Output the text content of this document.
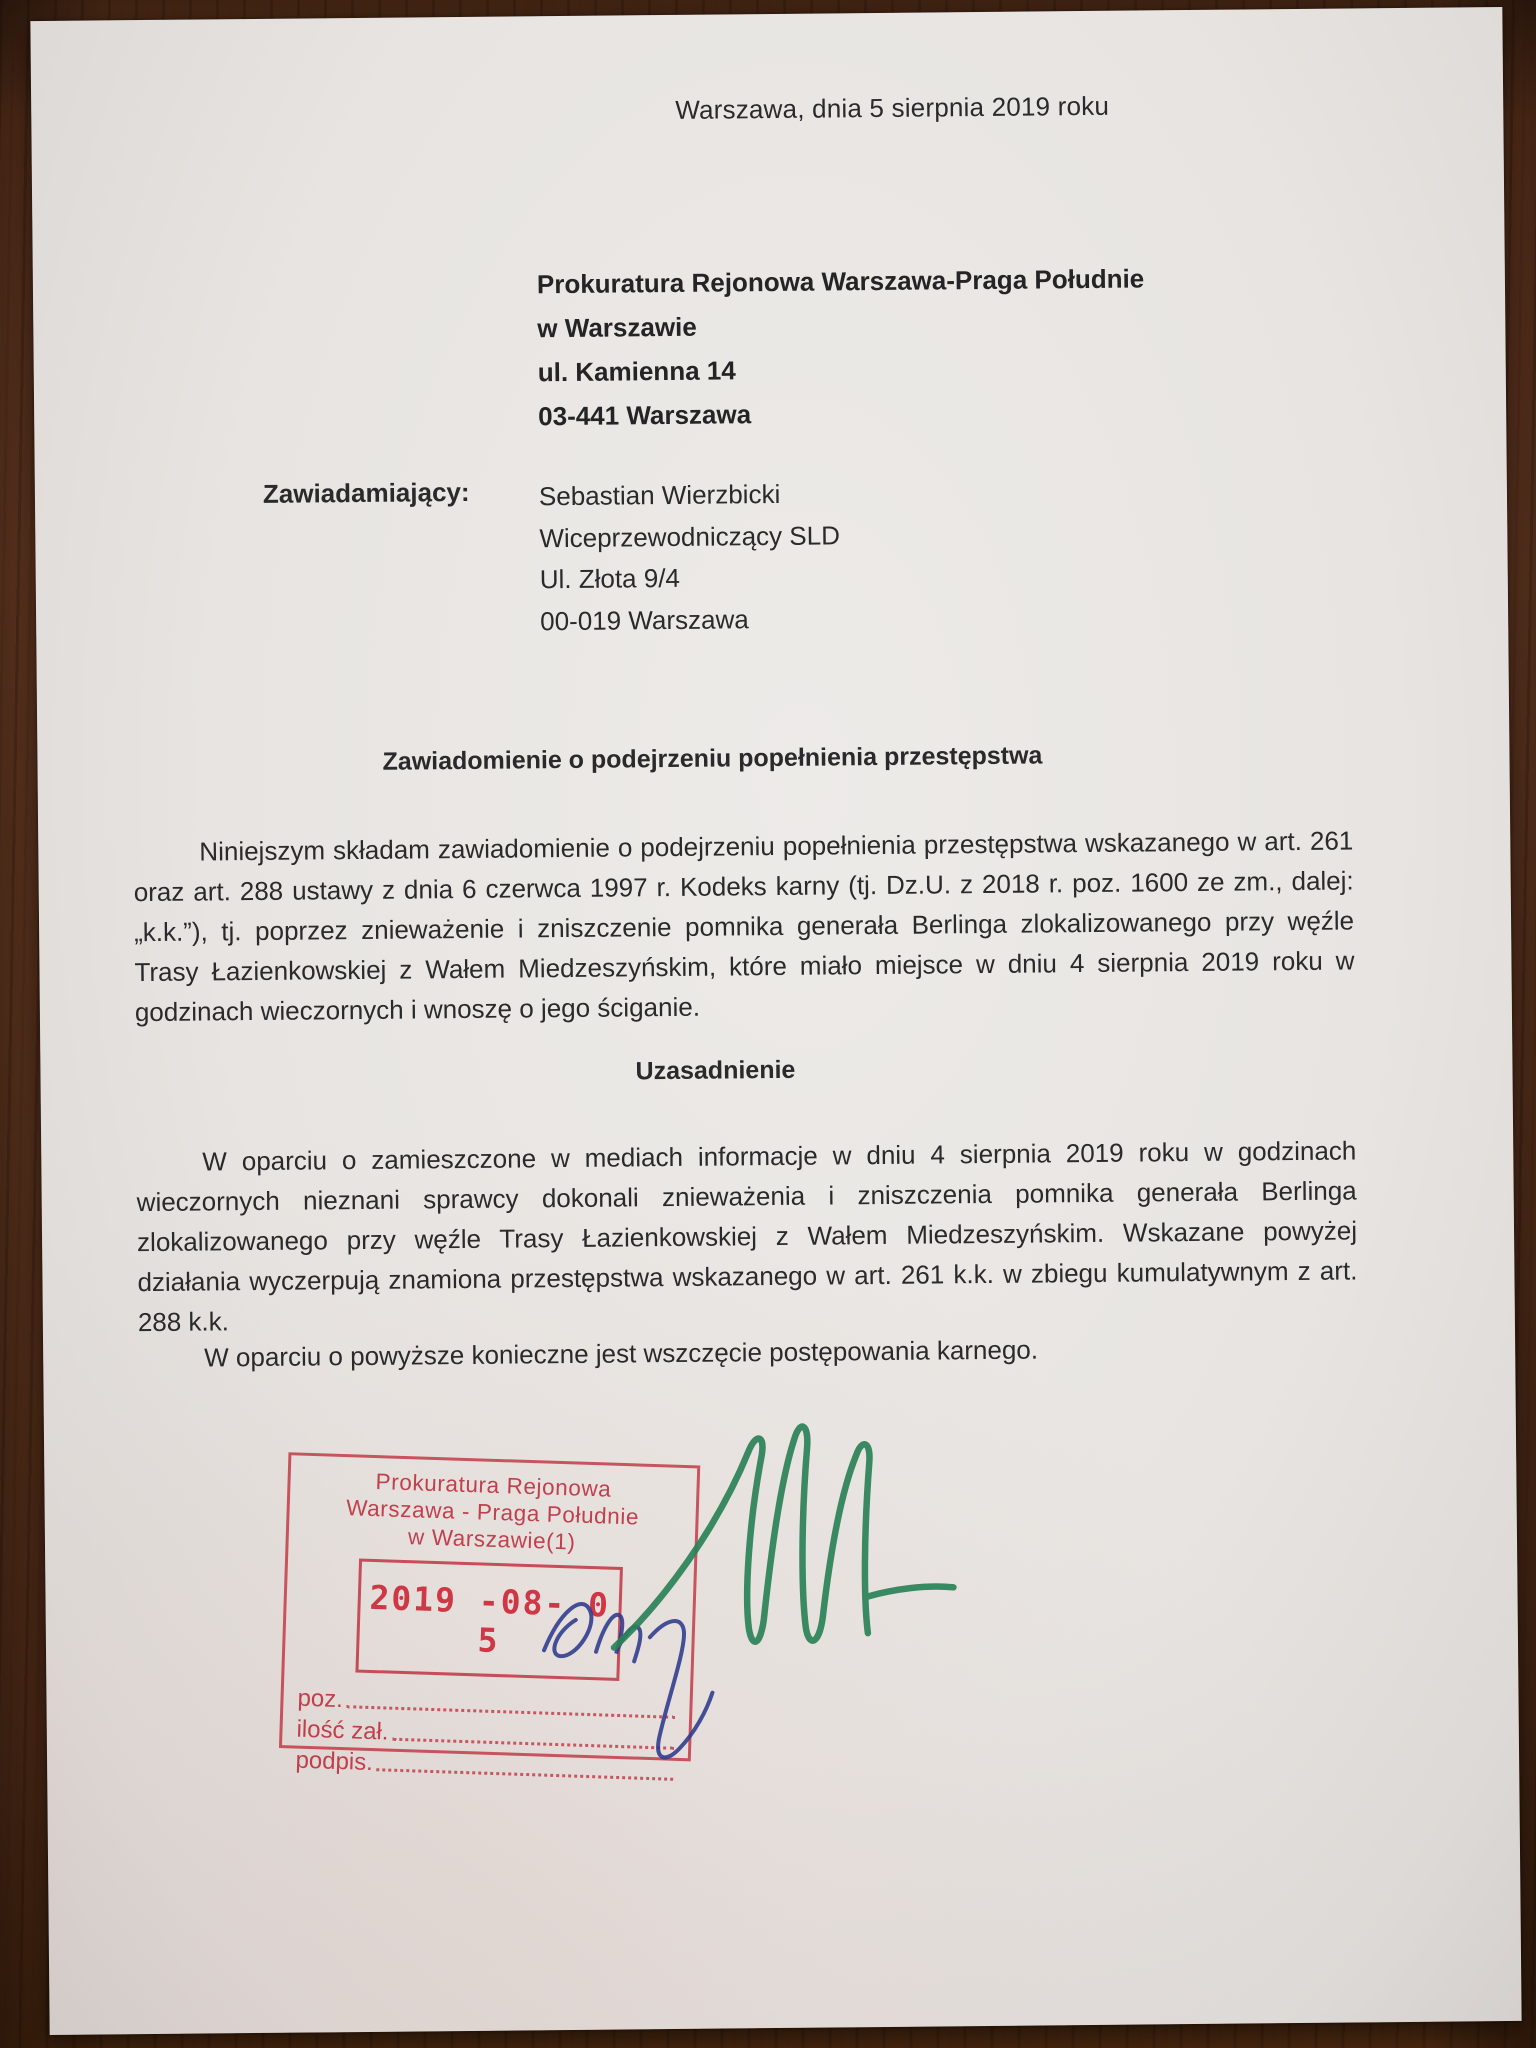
Warszawa, dnia 5 sierpnia 2019 roku
Prokuratura Rejonowa Warszawa-Praga Południe
w Warszawie
ul. Kamienna 14
03-441 Warszawa
Zawiadamiający:	Sebastian Wierzbicki
Wiceprzewodniczący SLD
Ul. Złota 9/4
00-019 Warszawa
Zawiadomienie o podejrzeniu popełnienia przestępstwa
Niniejszym składam zawiadomienie o podejrzeniu popełnienia przestępstwa wskazanego w art. 261 oraz art. 288 ustawy z dnia 6 czerwca 1997 r. Kodeks karny (tj. Dz.U. z 2018 r. poz. 1600 ze zm., dalej: „k.k.”), tj. poprzez znieważenie i zniszczenie pomnika generała Berlinga zlokalizowanego przy węźle Trasy Łazienkowskiej z Wałem Miedzeszyńskim, które miało miejsce w dniu 4 sierpnia 2019 roku w godzinach wieczornych i wnoszę o jego ściganie.
Uzasadnienie
W oparciu o zamieszczone w mediach informacje w dniu 4 sierpnia 2019 roku w godzinach wieczornych nieznani sprawcy dokonali znieważenia i zniszczenia pomnika generała Berlinga zlokalizowanego przy węźle Trasy Łazienkowskiej z Wałem Miedzeszyńskim. Wskazane powyżej działania wyczerpują znamiona przestępstwa wskazanego w art. 261 k.k. w zbiegu kumulatywnym z art. 288 k.k.
W oparciu o powyższe konieczne jest wszczęcie postępowania karnego.
Prokuratura Rejonowa
Warszawa - Praga Południe
w Warszawie(1)
2019 -08- 0 5
poz.
ilość zał.
podpis.
